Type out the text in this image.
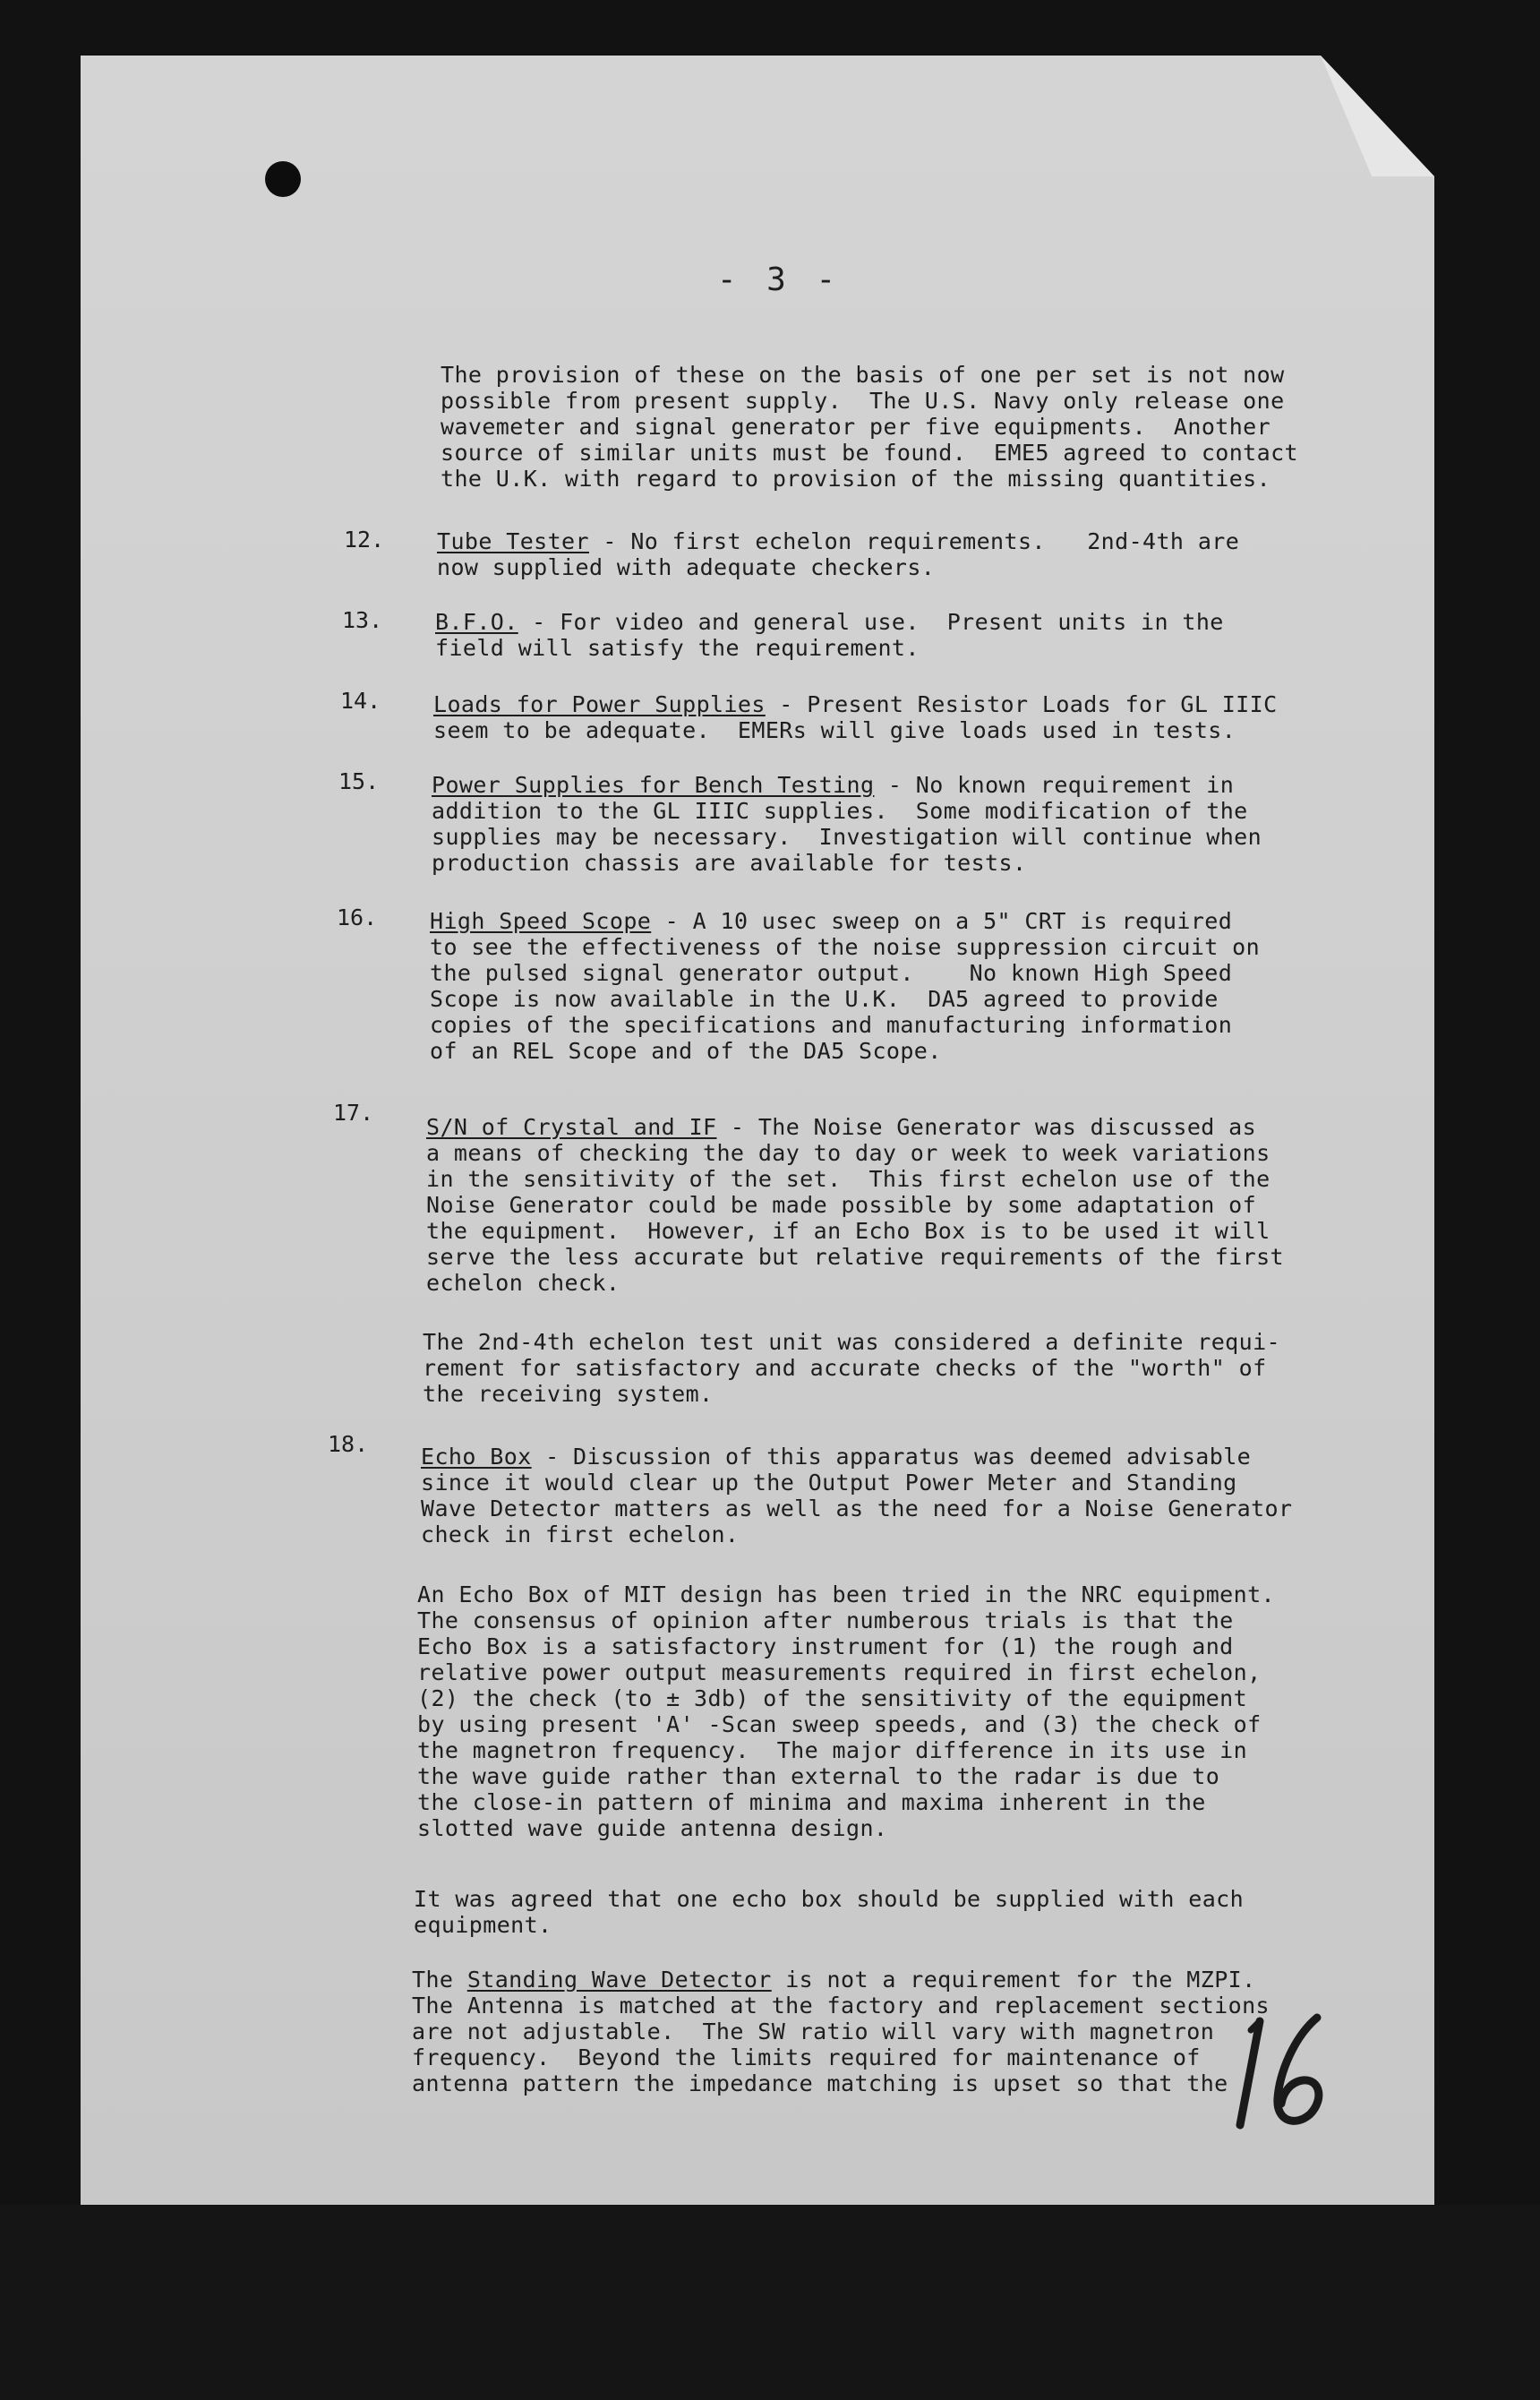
- 3 -
The provision of these on the basis of one per set is not now
possible from present supply.  The U.S. Navy only release one
wavemeter and signal generator per five equipments.  Another
source of similar units must be found.  EME5 agreed to contact
the U.K. with regard to provision of the missing quantities.
12. Tube Tester - No first echelon requirements.   2nd-4th are
now supplied with adequate checkers.
13. B.F.O. - For video and general use.  Present units in the
field will satisfy the requirement.
14. Loads for Power Supplies - Present Resistor Loads for GL IIIC
seem to be adequate.  EMERs will give loads used in tests.
15. Power Supplies for Bench Testing - No known requirement in
addition to the GL IIIC supplies.  Some modification of the
supplies may be necessary.  Investigation will continue when
production chassis are available for tests.
16. High Speed Scope - A 10 usec sweep on a 5" CRT is required
to see the effectiveness of the noise suppression circuit on
the pulsed signal generator output.    No known High Speed
Scope is now available in the U.K.  DA5 agreed to provide
copies of the specifications and manufacturing information
of an REL Scope and of the DA5 Scope.
17.
S/N of Crystal and IF - The Noise Generator was discussed as
a means of checking the day to day or week to week variations
in the sensitivity of the set.  This first echelon use of the
Noise Generator could be made possible by some adaptation of
the equipment.  However, if an Echo Box is to be used it will
serve the less accurate but relative requirements of the first
echelon check.
The 2nd-4th echelon test unit was considered a definite requi-
rement for satisfactory and accurate checks of the "worth" of
the receiving system.
18. Echo Box - Discussion of this apparatus was deemed advisable
since it would clear up the Output Power Meter and Standing
Wave Detector matters as well as the need for a Noise Generator
check in first echelon.
An Echo Box of MIT design has been tried in the NRC equipment.
The consensus of opinion after numberous trials is that the
Echo Box is a satisfactory instrument for (1) the rough and
relative power output measurements required in first echelon,
(2) the check (to ± 3db) of the sensitivity of the equipment
by using present 'A' -Scan sweep speeds, and (3) the check of
the magnetron frequency.  The major difference in its use in
the wave guide rather than external to the radar is due to
the close-in pattern of minima and maxima inherent in the
slotted wave guide antenna design.
It was agreed that one echo box should be supplied with each
equipment.
The Standing Wave Detector is not a requirement for the MZPI.
The Antenna is matched at the factory and replacement sections
are not adjustable.  The SW ratio will vary with magnetron
frequency.  Beyond the limits required for maintenance of
antenna pattern the impedance matching is upset so that the
